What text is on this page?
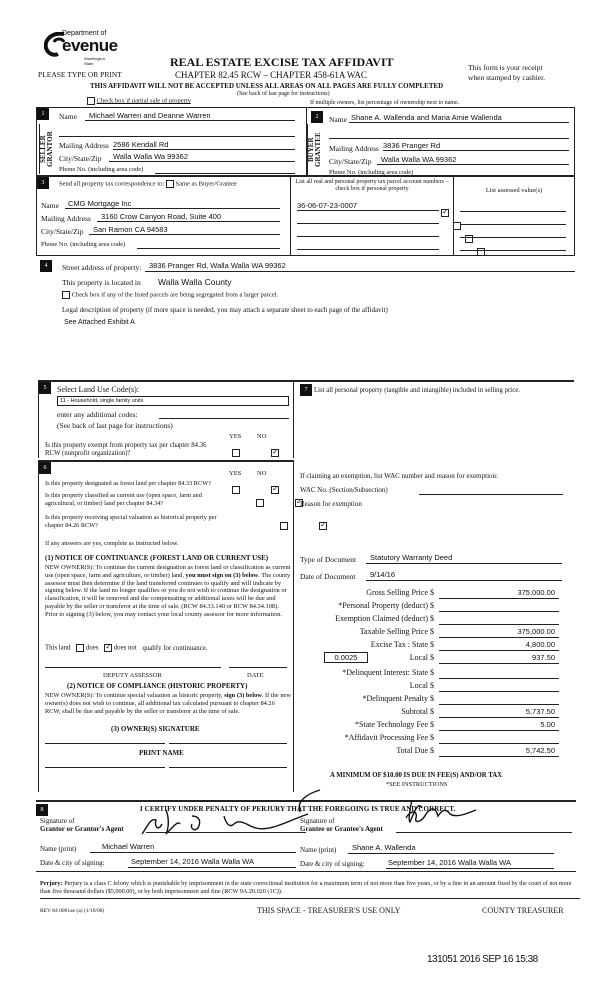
Department of
evenue
Washington State
PLEASE TYPE OR PRINT
REAL ESTATE EXCISE TAX AFFIDAVIT
CHAPTER 82.45 RCW – CHAPTER 458-61A WAC
This form is your receipt
when stamped by cashier.
THIS AFFIDAVIT WILL NOT BE ACCEPTED UNLESS ALL AREAS ON ALL PAGES ARE FULLY COMPLETED
(See back of last page for instructions)
Check box if partial sale of property	If multiple owners, list percentage of ownership next to name.
1
SELLER GRANTOR
Name	Michael Warren and Deanne Warren
Mailing Address 2586 Kendall Rd
City/State/Zip	Walla Walla Wa 99362
Phone No. (including area code)
2
BUYER GRANTEE
Name Shane A. Wallenda and Maria Amie Wallenda
Mailing Address 3836 Pranger Rd
City/State/Zip	Walla Walla WA 99362
Phone No. (including area code)
3	Send all property tax correspondence to: Same as Buyer/Grantee
Name	CMG Mortgage Inc
Mailing Address	3160 Crow Canyon Road, Suite 400
City/State/Zip	San Ramon CA 94583
Phone No. (including area code)
List all real and personal property tax parcel account numbers – check box if personal property
36-06-07-23-0007
✓

List assessed value(s)
4	Street address of property:	3836 Pranger Rd, Walla Walla WA 99362
This property is located in Walla Walla County
Check box if any of the listed parcels are being segregated from a larger parcel.
Legal description of property (if more space is needed, you may attach a separate sheet to each page of the affidavit)
See Attached Exhibit A
5	Select Land Use Code(s):
11 - Household, single family units
enter any additional codes:
(See back of last page for instructions)
YES NO
Is this property exempt from property tax per chapter 84.36 RCW (nonprofit organization)?
✓
6
YES NO
Is this property designated as forest land per chapter 84.33 RCW?
✓
Is this property classified as current use (open space, farm and agricultural, or timber) land per chapter 84.34?
✓
Is this property receiving special valuation as historical property per chapter 84.26 RCW?
✓
If any answers are yes, complete as instructed below.
(1) NOTICE OF CONTINUANCE (FOREST LAND OR CURRENT USE)
NEW OWNER(S): To continue the current designation as forest land or classification as current use (open space, farm and agriculture, or timber) land, you must sign on (3) below. The county assessor must then determine if the land transferred continues to qualify and will indicate by signing below. If the land no longer qualifies or you do not wish to continue the designation or classification, it will be removed and the compensating or additional taxes will be due and payable by the seller or transferor at the time of sale. (RCW 84.33.140 or RCW 84.34.108). Prior to signing (3) below, you may contact your local county assessor for more information.
This land does ✓ does not qualify for continuance.
DEPUTY ASSESSOR	DATE
(2) NOTICE OF COMPLIANCE (HISTORIC PROPERTY)
NEW OWNER(S): To continue special valuation as historic property, sign (3) below. If the new owner(s) does not wish to continue, all additional tax calculated pursuant to chapter 84.26 RCW, shall be due and payable by the seller or transferor at the time of sale.
(3) OWNER(S) SIGNATURE
PRINT NAME
7 List all personal property (tangible and intangible) included in selling price.
If claiming an exemption, list WAC number and reason for exemption:
WAC No. (Section/Subsection)
Reason for exemption
Type of Document	Statutory Warranty Deed
Date of Document	9/14/16
Gross Selling Price $	375,000.00
*Personal Property (deduct) $
Exemption Claimed (deduct) $
Taxable Selling Price $	375,000.00
Excise Tax : State $	4,800.00
0.0025	Local $	937.50
*Delinquent Interest: State $
Local $
*Delinquent Penalty $
Subtotal $	5,737.50
*State Technology Fee $	5.00
*Affidavit Processing Fee $
Total Due $	5,742.50
A MINIMUM OF $10.00 IS DUE IN FEE(S) AND/OR TAX
*SEE INSTRUCTIONS
8	I CERTIFY UNDER PENALTY OF PERJURY THAT THE FOREGOING IS TRUE AND CORRECT.
Signature of
Grantor or Grantor's Agent
Name (print)	Michael Warren
Date & city of signing:	September 14, 2016 Walla Walla WA
Signature of
Grantee or Grantee's Agent
Name (print)	Shane A. Wallenda
Date & city of signing:	September 14, 2016 Walla Walla WA
Perjury: Perjury is a class C felony which is punishable by imprisonment in the state correctional institution for a maximum term of not more than five years, or by a fine in an amount fixed by the court of not more than five thousand dollars ($5,000.00), or by both imprisonment and fine (RCW 9A.20.020 (1C)).
REV 84 0001ae (a) (1/10/08)	THIS SPACE - TREASURER'S USE ONLY	COUNTY TREASURER
131051 2016 SEP 16 15:38
